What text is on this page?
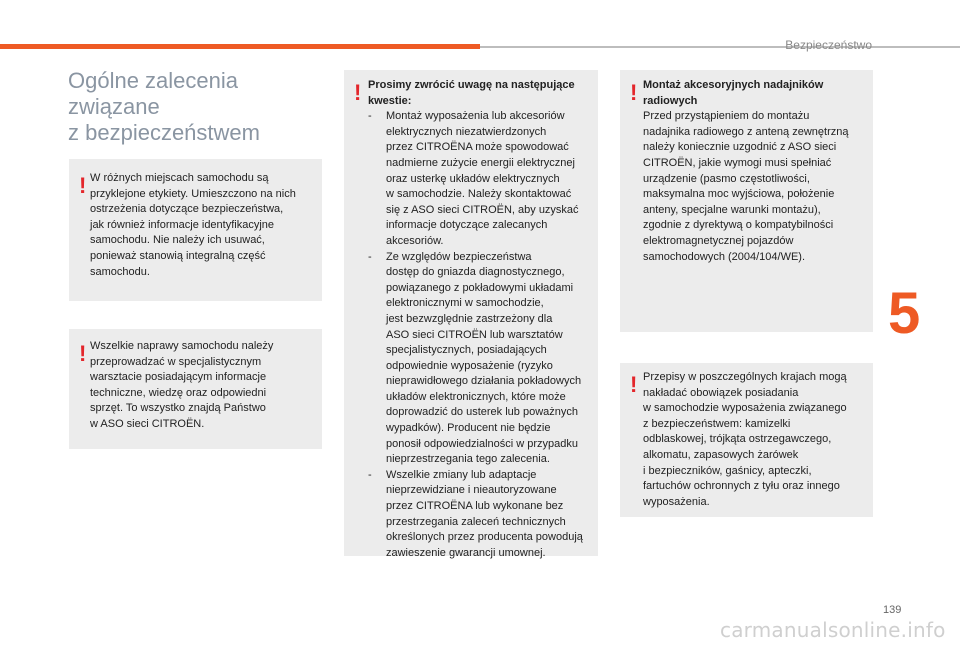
Bezpieczeństwo
5
139
carmanualsonline.info
Ogólne zalecenia
związane
z bezpieczeństwem
! W różnych miejscach samochodu są

przyklejone etykiety. Umieszczono na nich

ostrzeżenia dotyczące bezpieczeństwa,

jak również informacje identyfikacyjne

samochodu. Nie należy ich usuwać,

ponieważ stanowią integralną część

samochodu.

! Wszelkie naprawy samochodu należy

przeprowadzać w specjalistycznym

warsztacie posiadającym informacje

techniczne, wiedzę oraz odpowiedni

sprzęt. To wszystko znajdą Państwo

w ASO sieci CITROËN.

! Prosimy zwrócić uwagę na następujące

kwestie:

- Montaż wyposażenia lub akcesoriów

elektrycznych niezatwierdzonych

przez CITROËNA może spowodować

nadmierne zużycie energii elektrycznej

oraz usterkę układów elektrycznych

w samochodzie. Należy skontaktować

się z ASO sieci CITROËN, aby uzyskać

informacje dotyczące zalecanych

akcesoriów.

- Ze względów bezpieczeństwa

dostęp do gniazda diagnostycznego,

powiązanego z pokładowymi układami

elektronicznymi w samochodzie,

jest bezwzględnie zastrzeżony dla

ASO sieci CITROËN lub warsztatów

specjalistycznych, posiadających

odpowiednie wyposażenie (ryzyko

nieprawidłowego działania pokładowych

układów elektronicznych, które może

doprowadzić do usterek lub poważnych

wypadków). Producent nie będzie

ponosił odpowiedzialności w przypadku

nieprzestrzegania tego zalecenia.

- Wszelkie zmiany lub adaptacje

nieprzewidziane i nieautoryzowane

przez CITROËNA lub wykonane bez

przestrzegania zaleceń technicznych

określonych przez producenta powodują

zawieszenie gwarancji umownej.

! Montaż akcesoryjnych nadajników

radiowych

Przed przystąpieniem do montażu

nadajnika radiowego z anteną zewnętrzną

należy koniecznie uzgodnić z ASO sieci

CITROËN, jakie wymogi musi spełniać

urządzenie (pasmo częstotliwości,

maksymalna moc wyjściowa, położenie

anteny, specjalne warunki montażu),

zgodnie z dyrektywą o kompatybilności

elektromagnetycznej pojazdów

samochodowych (2004/104/WE).

! Przepisy w poszczególnych krajach mogą

nakładać obowiązek posiadania

w samochodzie wyposażenia związanego

z bezpieczeństwem: kamizelki

odblaskowej, trójkąta ostrzegawczego,

alkomatu, zapasowych żarówek

i bezpieczników, gaśnicy, apteczki,

fartuchów ochronnych z tyłu oraz innego

wyposażenia.
